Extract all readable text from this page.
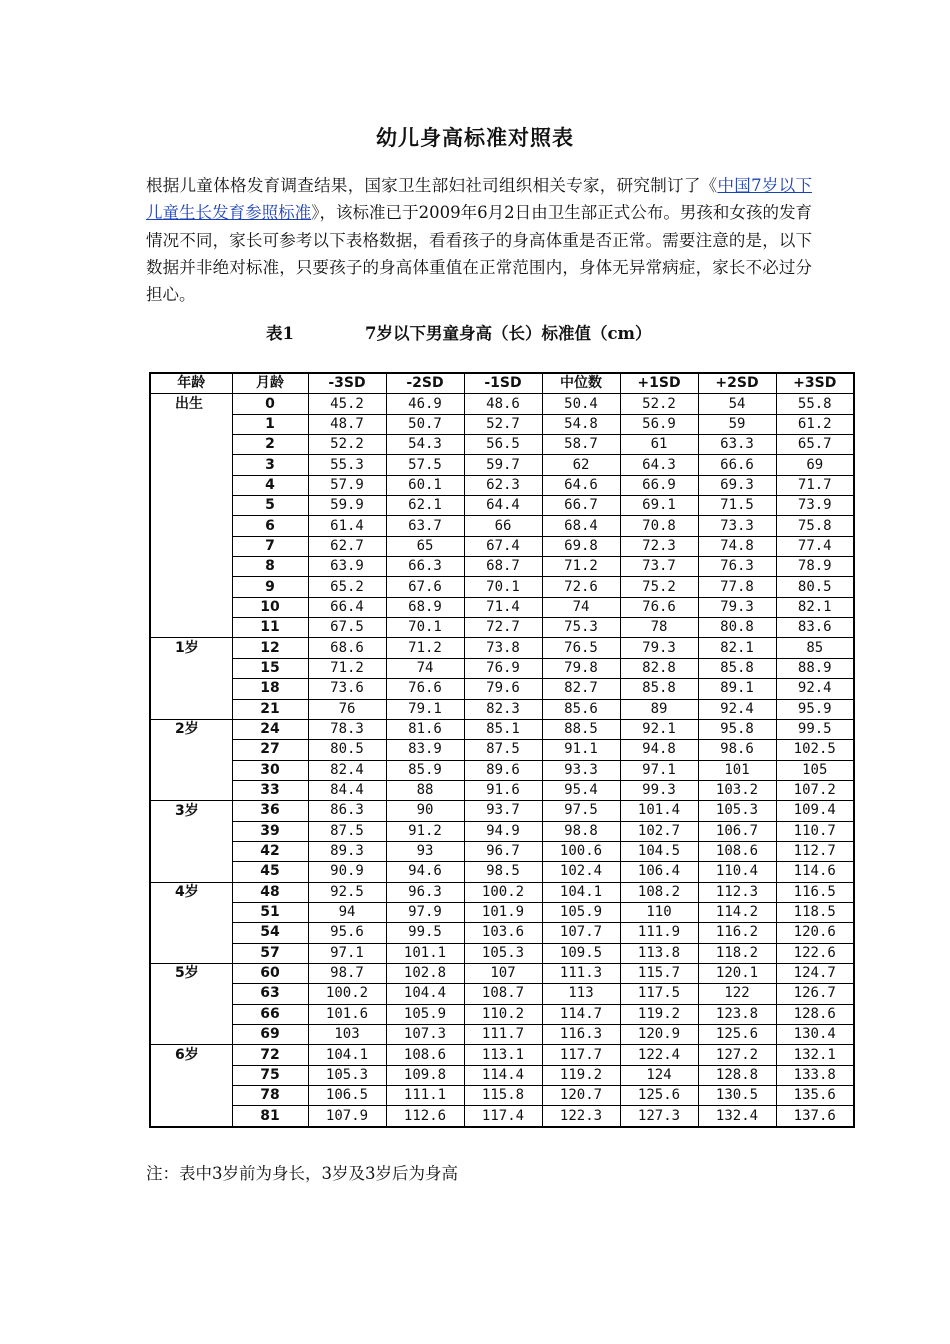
幼儿身高标准对照表

根据儿童体格发育调查结果，国家卫生部妇社司组织相关专家，研究制订了《中国7岁以下儿童生长发育参照标准》，该标准已于2009年6月2日由卫生部正式公布。男孩和女孩的发育情况不同，家长可参考以下表格数据，看看孩子的身高体重是否正常。需要注意的是，以下数据并非绝对标准，只要孩子的身高体重值在正常范围内，身体无异常病症，家长不必过分担心。

表1	7岁以下男童身高（长）标准值（cm）
年龄	月龄	-3SD	-2SD	-1SD	中位数	+1SD	+2SD	+3SD
出生	0	45.2	46.9	48.6	50.4	52.2	54	55.8
	1	48.7	50.7	52.7	54.8	56.9	59	61.2
	2	52.2	54.3	56.5	58.7	61	63.3	65.7
	3	55.3	57.5	59.7	62	64.3	66.6	69
	4	57.9	60.1	62.3	64.6	66.9	69.3	71.7
	5	59.9	62.1	64.4	66.7	69.1	71.5	73.9
	6	61.4	63.7	66	68.4	70.8	73.3	75.8
	7	62.7	65	67.4	69.8	72.3	74.8	77.4
	8	63.9	66.3	68.7	71.2	73.7	76.3	78.9
	9	65.2	67.6	70.1	72.6	75.2	77.8	80.5
	10	66.4	68.9	71.4	74	76.6	79.3	82.1
	11	67.5	70.1	72.7	75.3	78	80.8	83.6
1岁	12	68.6	71.2	73.8	76.5	79.3	82.1	85
	15	71.2	74	76.9	79.8	82.8	85.8	88.9
	18	73.6	76.6	79.6	82.7	85.8	89.1	92.4
	21	76	79.1	82.3	85.6	89	92.4	95.9
2岁	24	78.3	81.6	85.1	88.5	92.1	95.8	99.5
	27	80.5	83.9	87.5	91.1	94.8	98.6	102.5
	30	82.4	85.9	89.6	93.3	97.1	101	105
	33	84.4	88	91.6	95.4	99.3	103.2	107.2
3岁	36	86.3	90	93.7	97.5	101.4	105.3	109.4
	39	87.5	91.2	94.9	98.8	102.7	106.7	110.7
	42	89.3	93	96.7	100.6	104.5	108.6	112.7
	45	90.9	94.6	98.5	102.4	106.4	110.4	114.6
4岁	48	92.5	96.3	100.2	104.1	108.2	112.3	116.5
	51	94	97.9	101.9	105.9	110	114.2	118.5
	54	95.6	99.5	103.6	107.7	111.9	116.2	120.6
	57	97.1	101.1	105.3	109.5	113.8	118.2	122.6
5岁	60	98.7	102.8	107	111.3	115.7	120.1	124.7
	63	100.2	104.4	108.7	113	117.5	122	126.7
	66	101.6	105.9	110.2	114.7	119.2	123.8	128.6
	69	103	107.3	111.7	116.3	120.9	125.6	130.4
6岁	72	104.1	108.6	113.1	117.7	122.4	127.2	132.1
	75	105.3	109.8	114.4	119.2	124	128.8	133.8
	78	106.5	111.1	115.8	120.7	125.6	130.5	135.6
	81	107.9	112.6	117.4	122.3	127.3	132.4	137.6
注：表中3岁前为身长，3岁及3岁后为身高
